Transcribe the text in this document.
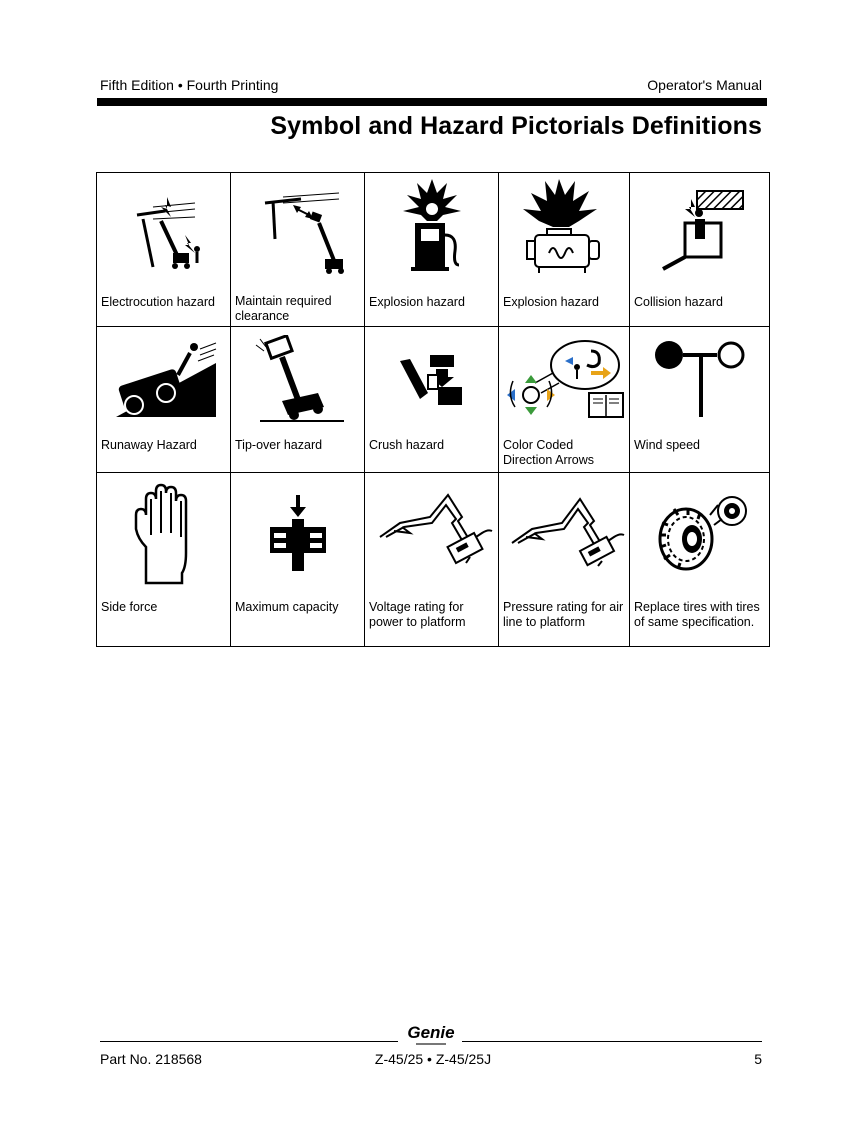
Fifth Edition • Fourth Printing	Operator's Manual
Symbol and Hazard Pictorials Definitions
Electrocution hazard	Maintain required clearance	Explosion hazard	Explosion hazard	Collision hazard

Runaway Hazard	Tip-over hazard	Crush hazard	Color Coded Direction Arrows	Wind speed

Side force	Maximum capacity	Voltage rating for power to platform	Pressure rating for air line to platform	Replace tires with tires of same specification.
Genie
Part No. 218568	Z-45/25 • Z-45/25J	5
